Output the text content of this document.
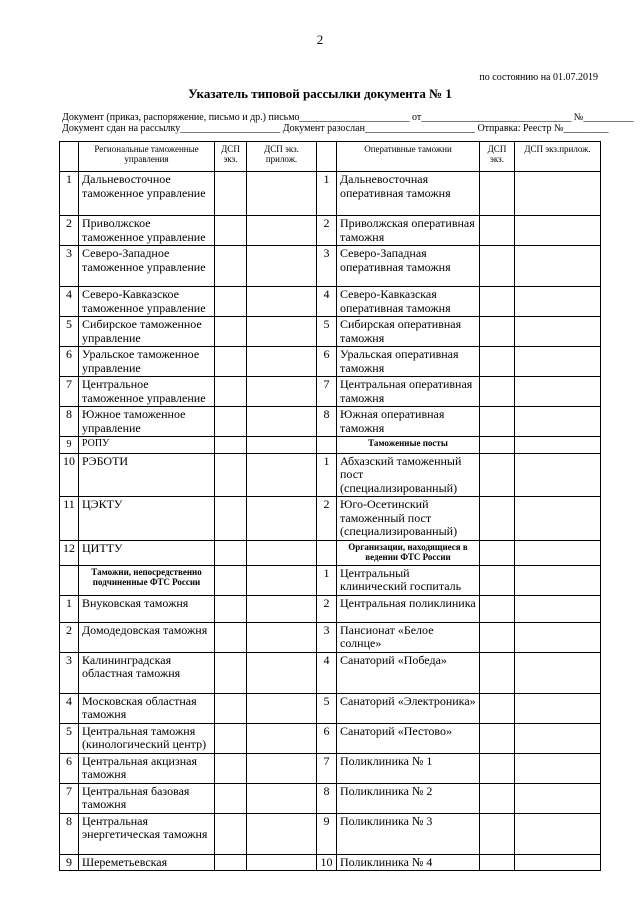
2
по состоянию на 01.07.2019
Указатель типовой рассылки документа № 1
Документ (приказ, распоряжение, письмо и др.) письмо______________________ от______________________________ №__________
Документ сдан на рассылку____________________ Документ разослан______________________ Отправка: Реестр №_________
	Региональные таможенные управления	ДСП экз.	ДСП экз. прилож.		Оперативные таможни	ДСП экз.	ДСП экз.прилож.
1	Дальневосточное таможенное управление			1	Дальневосточная оперативная таможня		
2	Приволжское таможенное управление			2	Приволжская оперативная таможня		
3	Северо-Западное таможенное управление			3	Северо-Западная оперативная таможня		
4	Северо-Кавказское таможенное управление			4	Северо-Кавказская оперативная таможня		
5	Сибирское таможенное управление			5	Сибирская оперативная таможня		
6	Уральское таможенное управление			6	Уральская оперативная таможня		
7	Центральное таможенное управление			7	Центральная оперативная таможня		
8	Южное таможенное управление			8	Южная оперативная таможня		
9	РОПУ				Таможенные посты		
10	РЭБОТИ			1	Абхазский таможенный пост (специализированный)		
11	ЦЭКТУ			2	Юго-Осетинский таможенный пост (специализированный)		
12	ЦИТТУ				Организации, находящиеся в ведении ФТС России		
	Таможни, непосредственно подчиненные ФТС России			1	Центральный клинический госпиталь		
1	Внуковская таможня			2	Центральная поликлиника		
2	Домодедовская таможня			3	Пансионат «Белое солнце»		
3	Калининградская областная таможня			4	Санаторий «Победа»		
4	Московская областная таможня			5	Санаторий «Электроника»		
5	Центральная таможня (кинологический центр)			6	Санаторий «Пестово»		
6	Центральная акцизная таможня			7	Поликлиника № 1		
7	Центральная базовая таможня			8	Поликлиника № 2		
8	Центральная энергетическая таможня			9	Поликлиника № 3		
9	Шереметьевская			10	Поликлиника № 4		
